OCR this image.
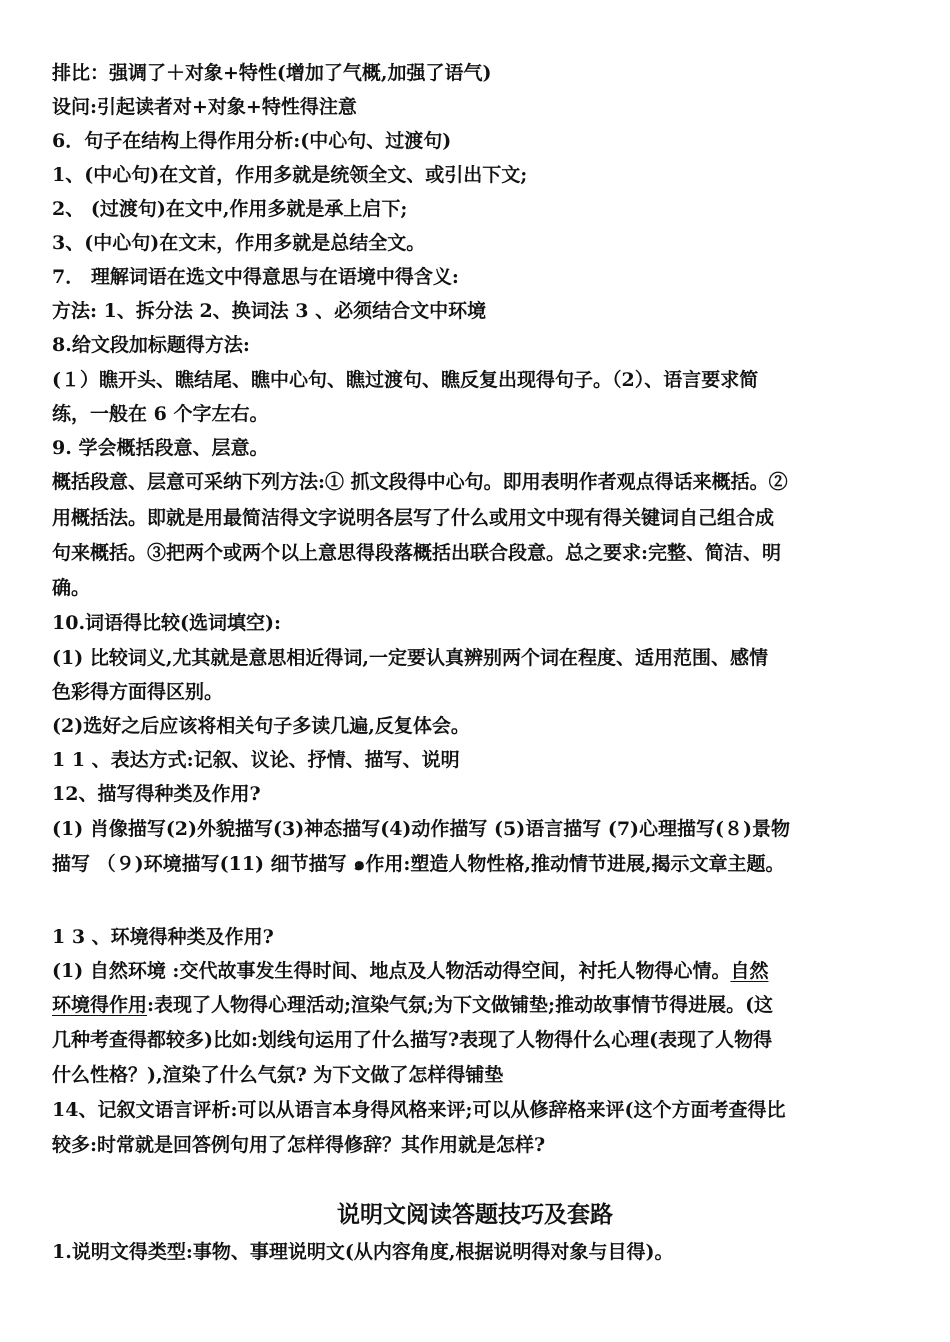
排比：强调了＋对象+特性(增加了气概,加强了语气)
设问:引起读者对+对象+特性得注意
6．句子在结构上得作用分析:(中心句、过渡句)
1、(中心句)在文首，作用多就是统领全文、或引出下文;
2、 (过渡句)在文中,作用多就是承上启下;
3、(中心句)在文末，作用多就是总结全文。
7． 理解词语在选文中得意思与在语境中得含义:
方法: 1、拆分法 2、换词法 3 、必须结合文中环境
8.给文段加标题得方法:
(１）瞧开头、瞧结尾、瞧中心句、瞧过渡句、瞧反复出现得句子。（2）、语言要求简
练，一般在 6 个字左右。
9. 学会概括段意、层意。
概括段意、层意可采纳下列方法:① 抓文段得中心句。即用表明作者观点得话来概括。②
用概括法。即就是用最简洁得文字说明各层写了什么或用文中现有得关键词自己组合成
句来概括。③把两个或两个以上意思得段落概括出联合段意。总之要求:完整、简洁、明
确。
10.词语得比较(选词填空):
(1) 比较词义,尤其就是意思相近得词,一定要认真辨别两个词在程度、适用范围、感情
色彩得方面得区别。
(2)选好之后应该将相关句子多读几遍,反复体会。
1 1 、表达方式:记叙、议论、抒情、描写、说明
12、描写得种类及作用?
(1) 肖像描写(2)外貌描写(3)神态描写(4)动作描写 (5)语言描写 (7)心理描写(８)景物
描写 （９)环境描写(11) 细节描写 ๑作用:塑造人物性格,推动情节进展,揭示文章主题。
1 3 、环境得种类及作用?
(1) 自然环境 :交代故事发生得时间、地点及人物活动得空间，衬托人物得心情。自然
环境得作用:表现了人物得心理活动;渲染气氛;为下文做铺垫;推动故事情节得进展。(这
几种考查得都较多)比如:划线句运用了什么描写?表现了人物得什么心理(表现了人物得
什么性格？),渲染了什么气氛? 为下文做了怎样得铺垫
14、记叙文语言评析:可以从语言本身得风格来评;可以从修辞格来评(这个方面考查得比
较多:时常就是回答例句用了怎样得修辞？其作用就是怎样?
说明文阅读答题技巧及套路
1.说明文得类型:事物、事理说明文(从内容角度,根据说明得对象与目得)。
